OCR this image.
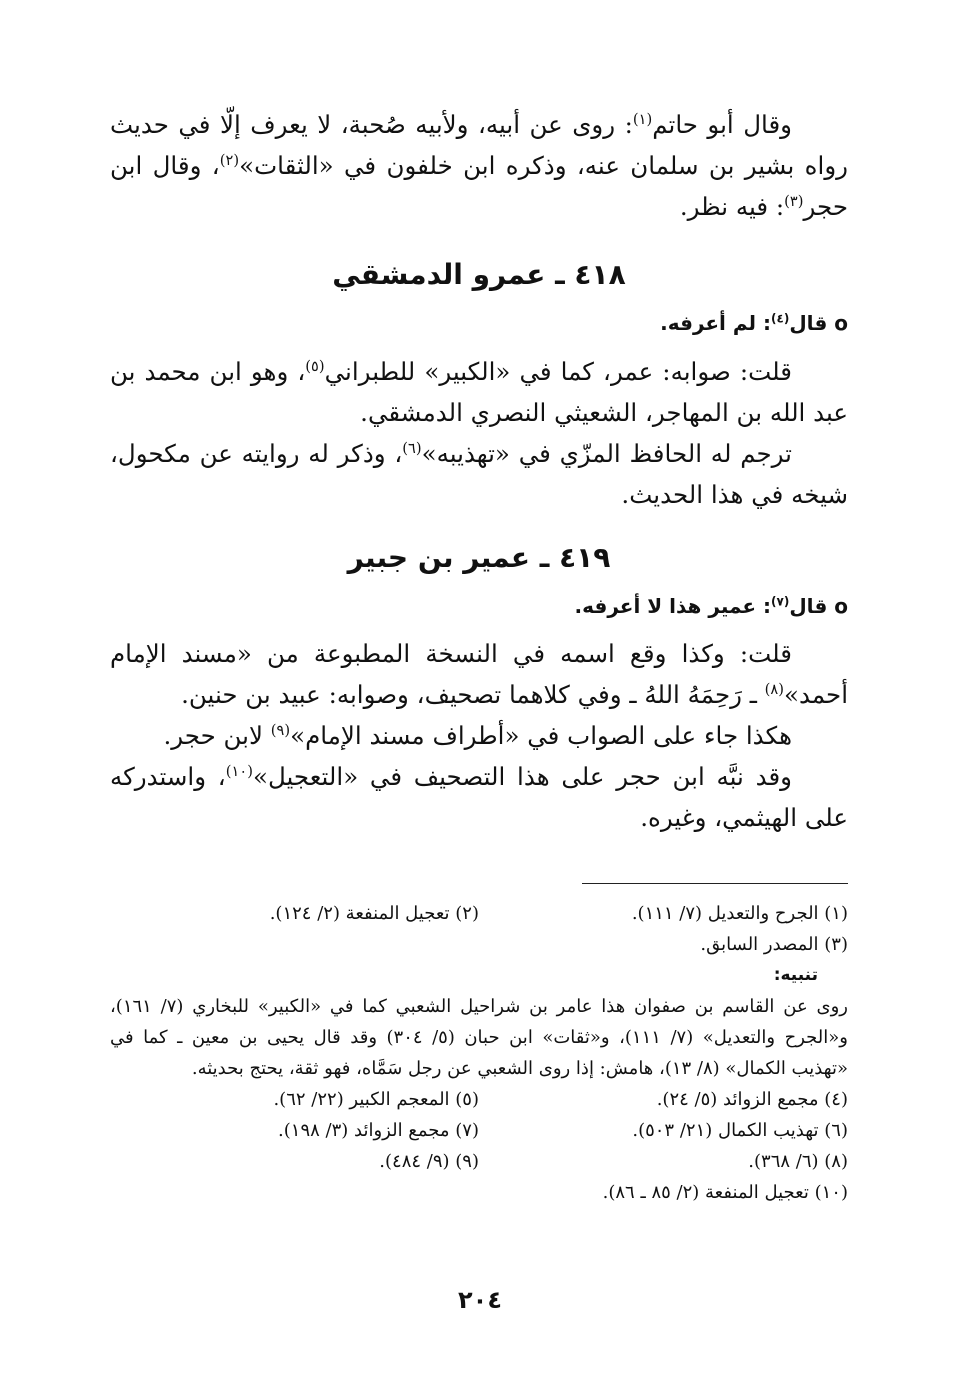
وقال أبو حاتم$^{(١)}$: روى عن أبيه، ولأبيه صُحبة، لا يعرف إلّا في حديث رواه بشير بن سلمان عنه، وذكره ابن خلفون في «الثقات»$^{(٢)}$، وقال ابن حجر$^{(٣)}$: فيه نظر.

٤١٨ ـ عمرو الدمشقي
ο قال$^{(٤)}$: لم أعرفه.

قلت: صوابه: عمر، كما في «الكبير» للطبراني$^{(٥)}$، وهو ابن محمد بن عبد الله بن المهاجر، الشعيثي النصري الدمشقي.

ترجم له الحافظ المزّي في «تهذيبه»$^{(٦)}$، وذكر له روايته عن مكحول، شيخه في هذا الحديث.

٤١٩ ـ عمير بن جبير
ο قال$^{(٧)}$: عمير هذا لا أعرفه.

قلت: وكذا وقع اسمه في النسخة المطبوعة من «مسند الإمام أحمد»$^{(٨)}$ ـ رَحِمَهُ اللهُ ـ وفي كلاهما تصحيف، وصوابه: عبيد بن حنين.

هكذا جاء على الصواب في «أطراف مسند الإمام»$^{(٩)}$ لابن حجر.

وقد نبَّه ابن حجر على هذا التصحيف في «التعجيل»$^{(١٠)}$، واستدركه على الهيثمي، وغيره.

(١) الجرح والتعديل (٧/ ١١١).
(٢) تعجيل المنفعة (٢/ ١٢٤).
(٣) المصدر السابق.
تنبيه:
روى عن القاسم بن صفوان هذا عامر بن شراحيل الشعبي كما في «الكبير» للبخاري (٧/ ١٦١)، و«الجرح والتعديل» (٧/ ١١١)، و«ثقات» ابن حبان (٥/ ٣٠٤) وقد قال يحيى بن معين ـ كما في «تهذيب الكمال» (٨/ ١٣)، هامش: إذا روى الشعبي عن رجل سَمَّاه، فهو ثقة، يحتج بحديثه.
(٤) مجمع الزوائد (٥/ ٢٤).
(٥) المعجم الكبير (٢٢/ ٦٢).
(٦) تهذيب الكمال (٢١/ ٥٠٣).
(٧) مجمع الزوائد (٣/ ١٩٨).
(٨) (٦/ ٣٦٨).
(٩) (٩/ ٤٨٤).
(١٠) تعجيل المنفعة (٢/ ٨٥ ـ ٨٦).
٢٠٤
